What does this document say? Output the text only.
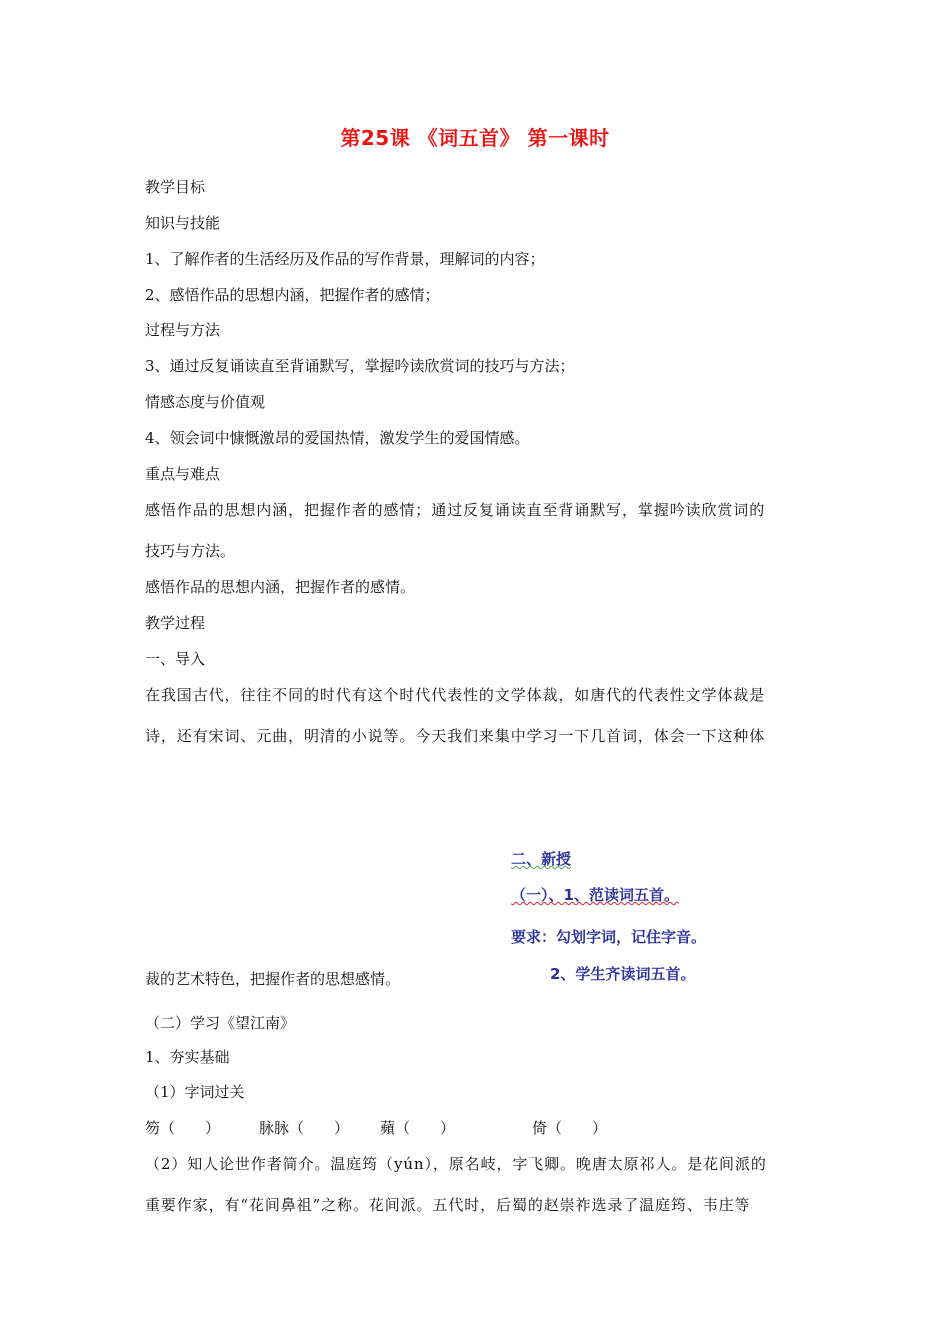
第25课 《词五首》 第一课时
教学目标
知识与技能
1、了解作者的生活经历及作品的写作背景，理解词的内容；
2、感悟作品的思想内涵，把握作者的感情；
过程与方法
3、通过反复诵读直至背诵默写，掌握吟读欣赏词的技巧与方法；
情感态度与价值观
4、领会词中慷慨激昂的爱国热情，激发学生的爱国情感。
重点与难点
感悟作品的思想内涵，把握作者的感情；通过反复诵读直至背诵默写，掌握吟读欣赏词的
技巧与方法。
感悟作品的思想内涵，把握作者的感情。
教学过程
一、导入
在我国古代，往往不同的时代有这个时代代表性的文学体裁，如唐代的代表性文学体裁是
诗，还有宋词、元曲，明清的小说等。今天我们来集中学习一下几首词，体会一下这种体
二、新授
（一）、1、范读词五首。
要求：勾划字词，记住字音。
2、学生齐读词五首。
裁的艺术特色，把握作者的思想感情。
（二）学习《望江南》
1、夯实基础
（1）字词过关
笏（　　）	脉脉（　　） 蘋（　　）	倚（　　）
（2）知人论世作者简介。温庭筠（yún），原名岐，字飞卿。晚唐太原祁人。是花间派的
重要作家，有“花间鼻祖”之称。花间派。五代时，后蜀的赵崇祚选录了温庭筠、韦庄等
